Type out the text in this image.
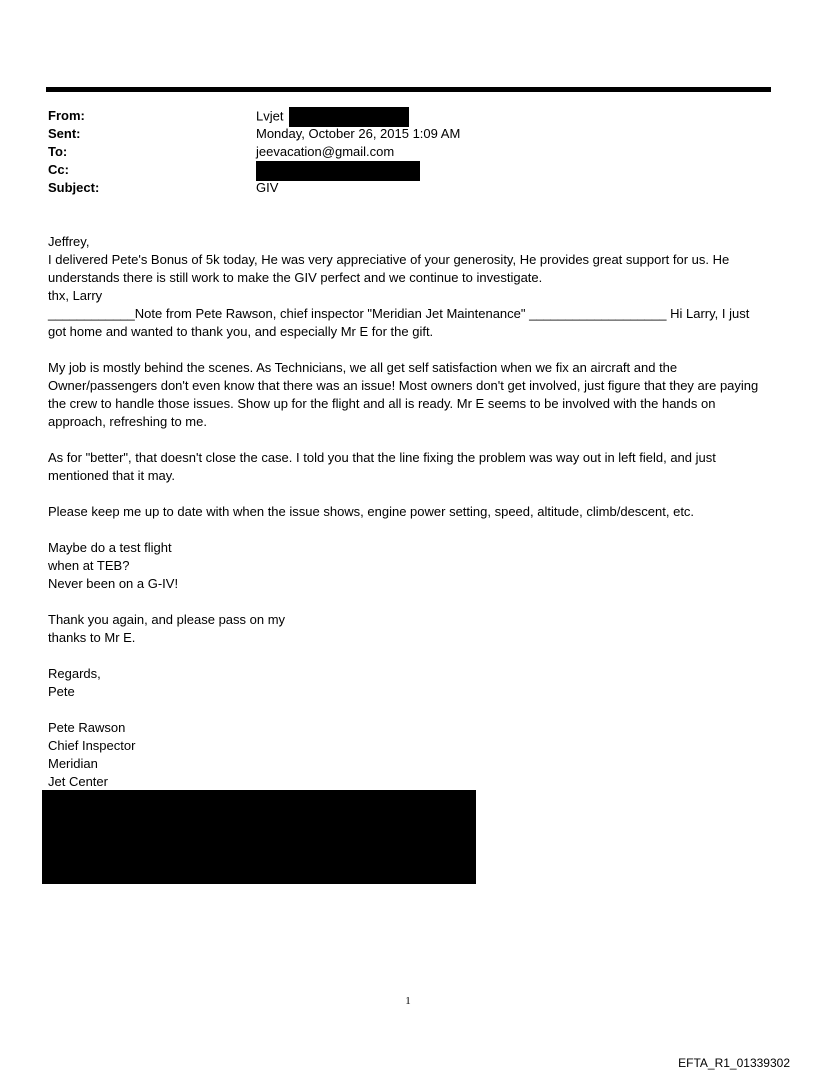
From:	Lvjet
Sent:	Monday, October 26, 2015 1:09 AM
To:	jeevacation@gmail.com
Cc:
Subject:	GIV

Jeffrey,

I delivered Pete's Bonus of 5k today, He was very appreciative of your generosity, He provides great support for us. He understands there is still work to make the GIV perfect and we continue to investigate.

thx, Larry

____________Note from Pete Rawson, chief inspector "Meridian Jet Maintenance" ___________________ Hi Larry, I just got home and wanted to thank you, and especially Mr E for the gift.

My job is mostly behind the scenes. As Technicians, we all get self satisfaction when we fix an aircraft and the Owner/passengers don't even know that there was an issue! Most owners don't get involved, just figure that they are paying the crew to handle those issues. Show up for the flight and all is ready. Mr E seems to be involved with the hands on approach, refreshing to me.

As for "better", that doesn't close the case. I told you that the line fixing the problem was way out in left field, and just mentioned that it may.

Please keep me up to date with when the issue shows, engine power setting, speed, altitude, climb/descent, etc.

Maybe do a test flight

when at TEB?

Never been on a G-IV!

Thank you again, and please pass on my

thanks to Mr E.

Regards,

Pete

Pete Rawson

Chief Inspector

Meridian

Jet Center

1
EFTA_R1_01339302
